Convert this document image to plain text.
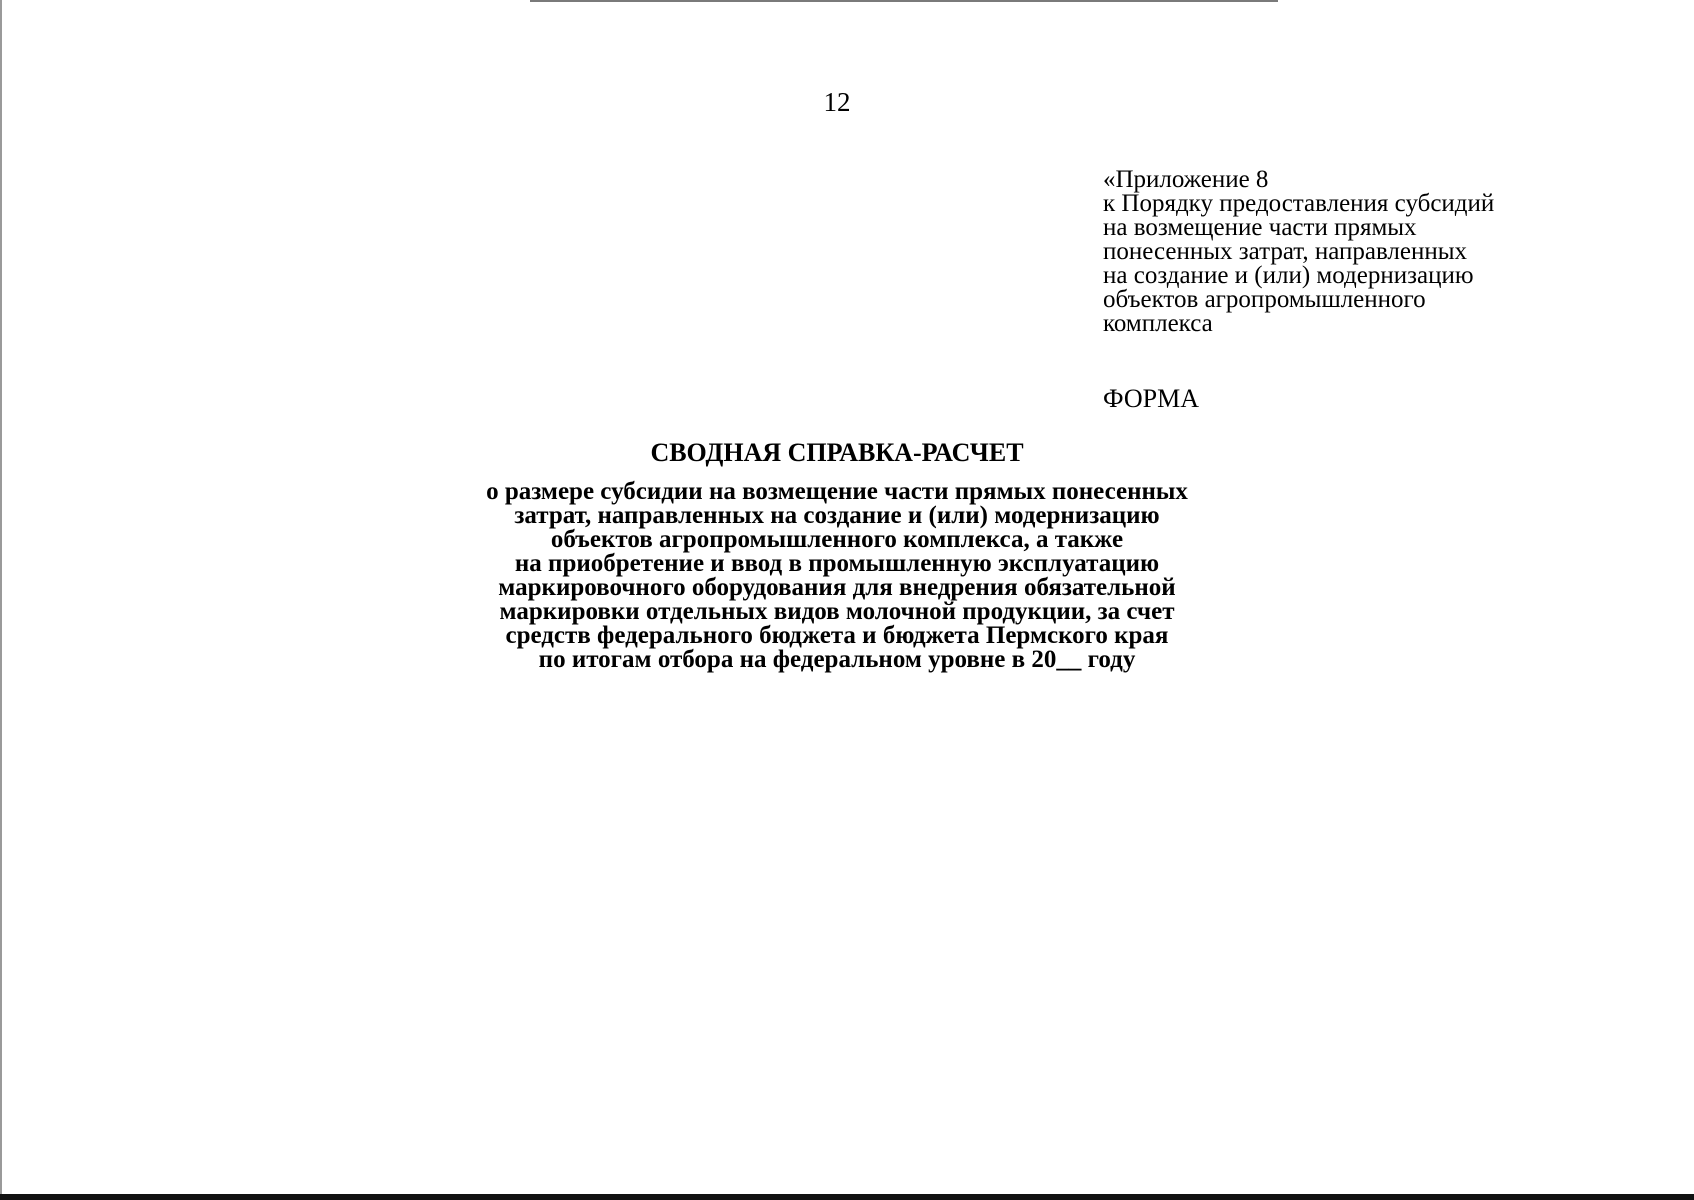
12
«Приложение 8
к Порядку предоставления субсидий
на возмещение части прямых
понесенных затрат, направленных
на создание и (или) модернизацию
объектов агропромышленного
комплекса
ФОРМА
СВОДНАЯ СПРАВКА-РАСЧЕТ
о размере субсидии на возмещение части прямых понесенных
затрат, направленных на создание и (или) модернизацию
объектов агропромышленного комплекса, а также
на приобретение и ввод в промышленную эксплуатацию
маркировочного оборудования для внедрения обязательной
маркировки отдельных видов молочной продукции, за счет
средств федерального бюджета и бюджета Пермского края
по итогам отбора на федеральном уровне в 20__ году
